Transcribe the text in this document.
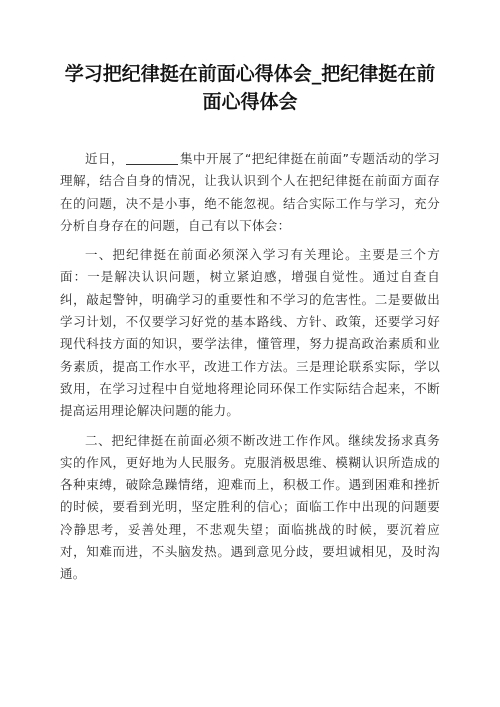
学习把纪律挺在前面心得体会_把纪律挺在前面心得体会

近日，	集中开展了“把纪律挺在前面”专题活动的学习理解，结合自身的情况，让我认识到个人在把纪律挺在前面方面存在的问题，决不是小事，绝不能忽视。结合实际工作与学习，充分分析自身存在的问题，自己有以下体会：

一、把纪律挺在前面必须深入学习有关理论。主要是三个方面：一是解决认识问题，树立紧迫感，增强自觉性。通过自查自纠，敲起警钟，明确学习的重要性和不学习的危害性。二是要做出学习计划，不仅要学习好党的基本路线、方针、政策，还要学习好现代科技方面的知识，要学法律，懂管理，努力提高政治素质和业务素质，提高工作水平，改进工作方法。三是理论联系实际，学以致用，在学习过程中自觉地将理论同环保工作实际结合起来，不断提高运用理论解决问题的能力。

二、把纪律挺在前面必须不断改进工作作风。继续发扬求真务实的作风，更好地为人民服务。克服消极思维、模糊认识所造成的各种束缚，破除急躁情绪，迎难而上，积极工作。遇到困难和挫折的时候，要看到光明，坚定胜利的信心；面临工作中出现的问题要冷静思考，妥善处理，不悲观失望；面临挑战的时候，要沉着应对，知难而进，不头脑发热。遇到意见分歧，要坦诚相见，及时沟通。
